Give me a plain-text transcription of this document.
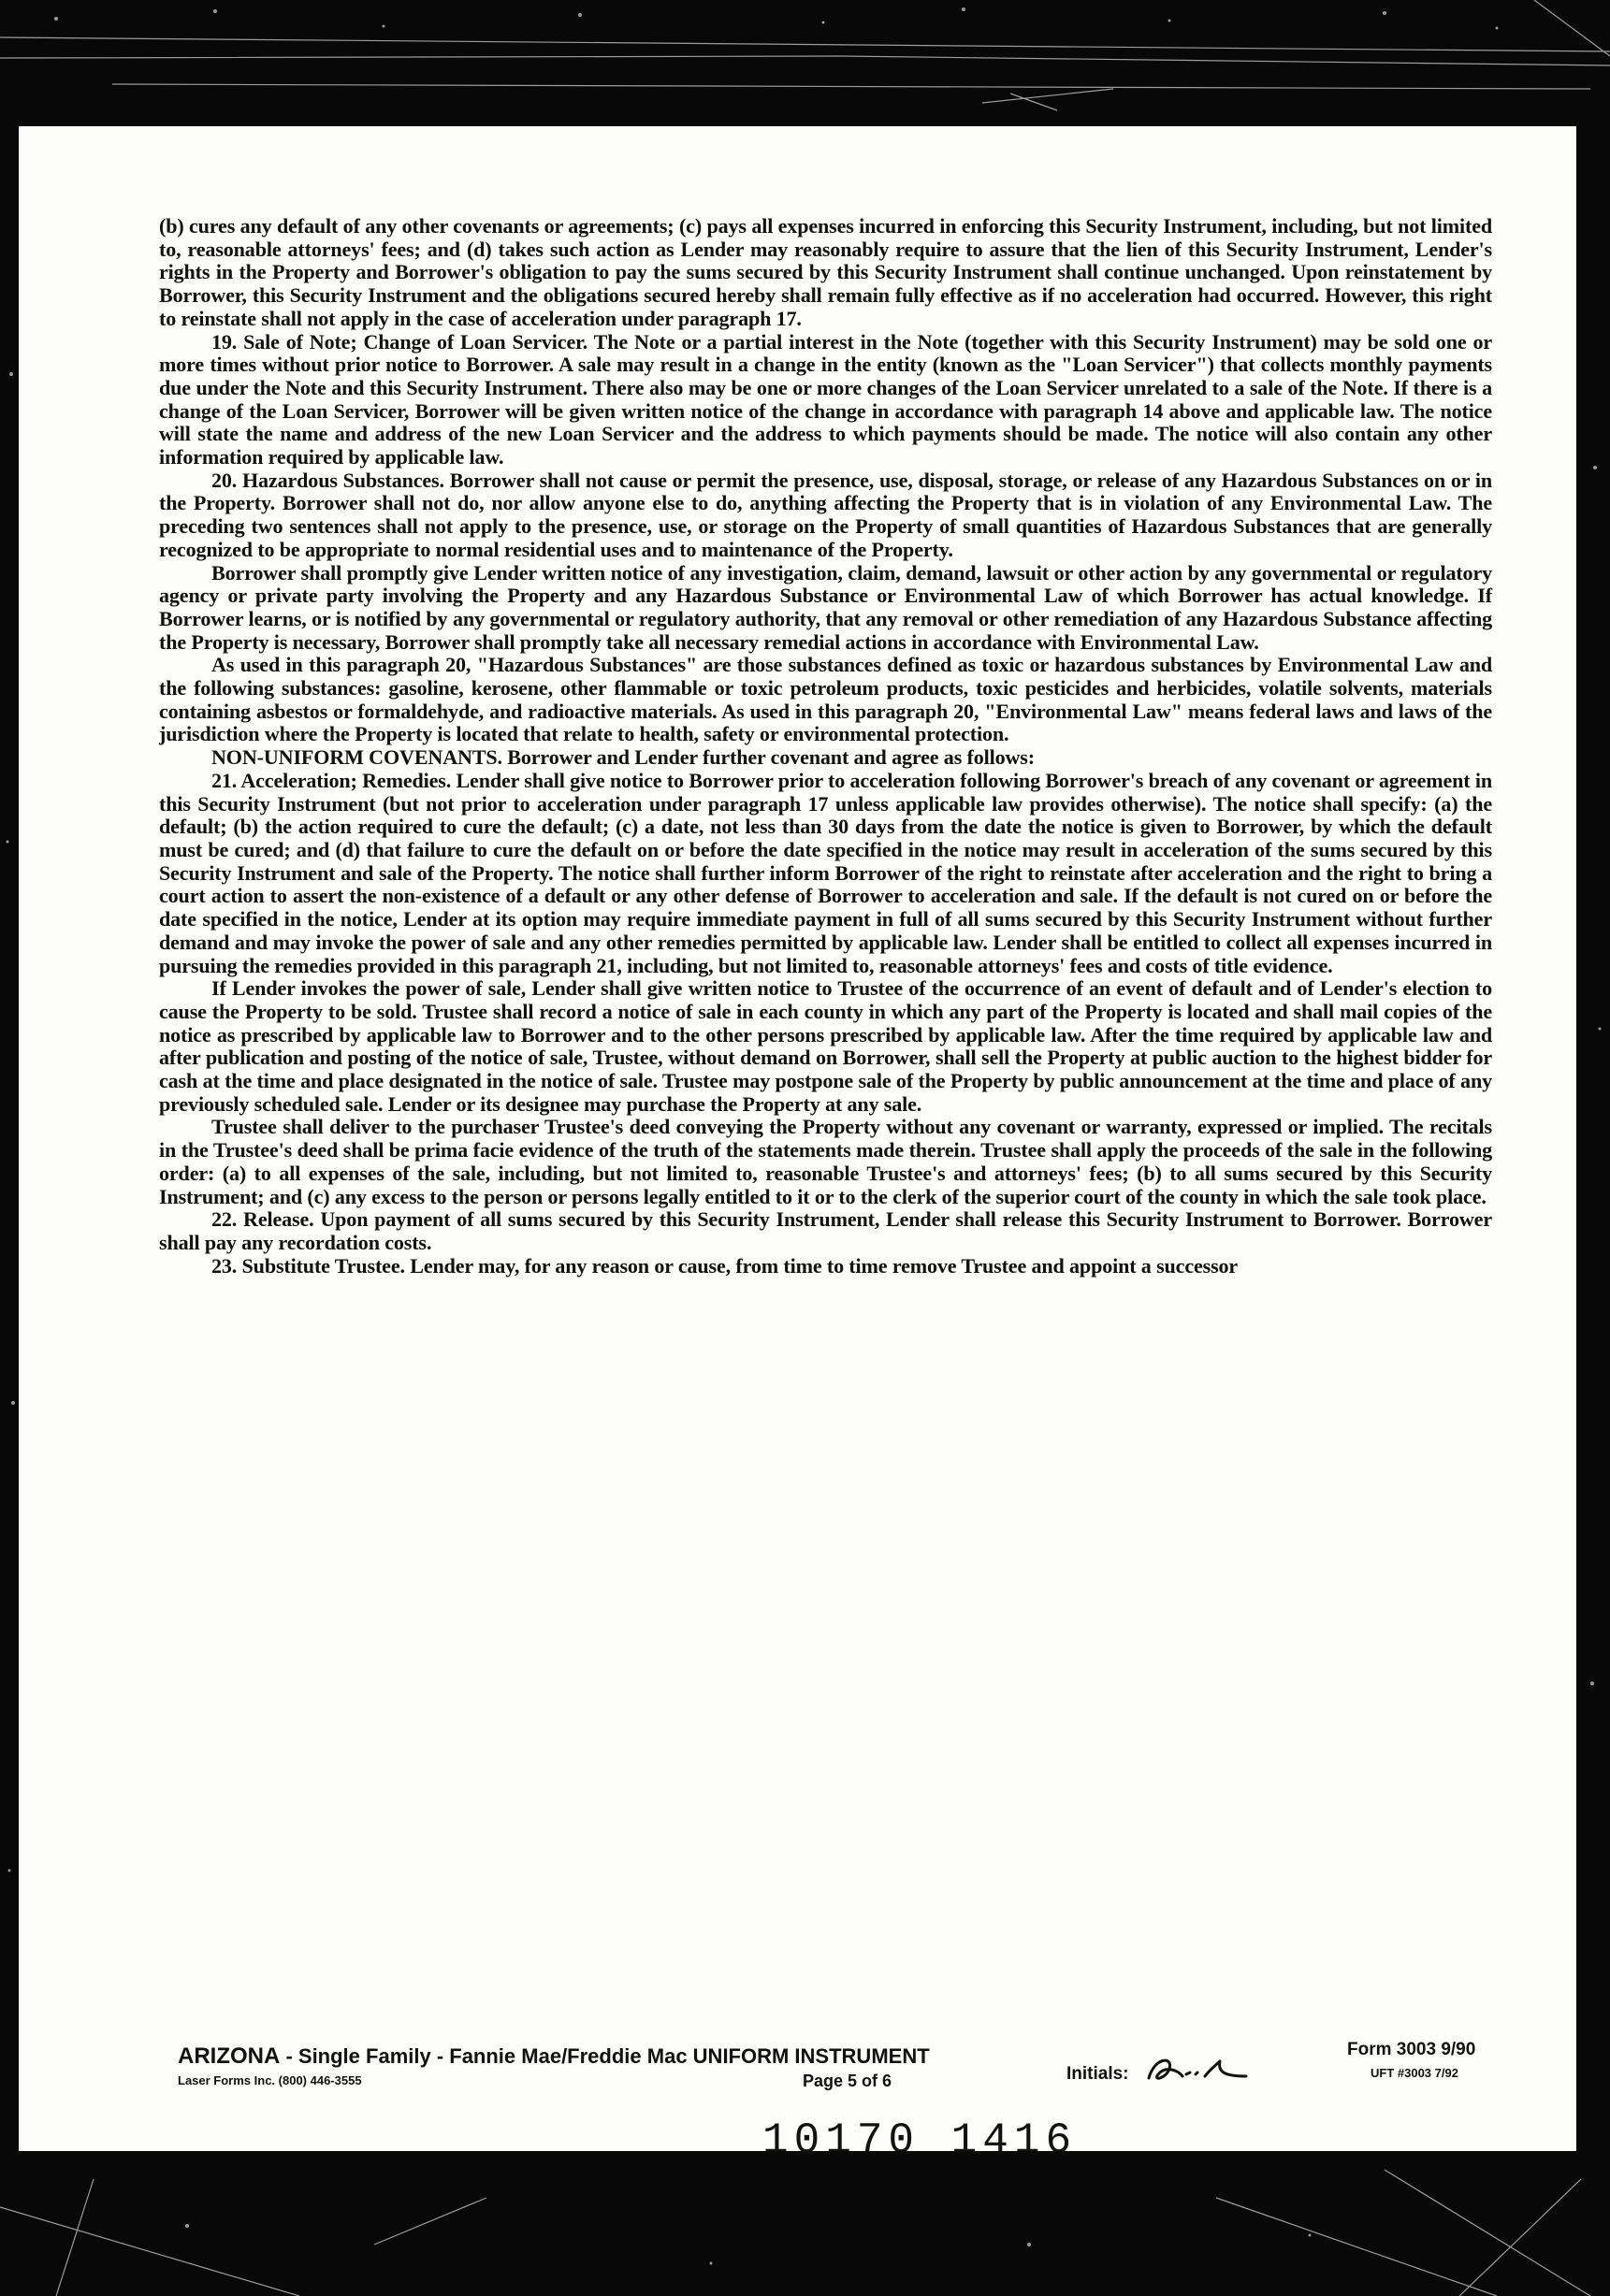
(b) cures any default of any other covenants or agreements; (c) pays all expenses incurred in enforcing this Security Instrument, including, but not limited to, reasonable attorneys' fees; and (d) takes such action as Lender may reasonably require to assure that the lien of this Security Instrument, Lender's rights in the Property and Borrower's obligation to pay the sums secured by this Security Instrument shall continue unchanged. Upon reinstatement by Borrower, this Security Instrument and the obligations secured hereby shall remain fully effective as if no acceleration had occurred. However, this right to reinstate shall not apply in the case of acceleration under paragraph 17.

19. Sale of Note; Change of Loan Servicer. The Note or a partial interest in the Note (together with this Security Instrument) may be sold one or more times without prior notice to Borrower. A sale may result in a change in the entity (known as the "Loan Servicer") that collects monthly payments due under the Note and this Security Instrument. There also may be one or more changes of the Loan Servicer unrelated to a sale of the Note. If there is a change of the Loan Servicer, Borrower will be given written notice of the change in accordance with paragraph 14 above and applicable law. The notice will state the name and address of the new Loan Servicer and the address to which payments should be made. The notice will also contain any other information required by applicable law.

20. Hazardous Substances. Borrower shall not cause or permit the presence, use, disposal, storage, or release of any Hazardous Substances on or in the Property. Borrower shall not do, nor allow anyone else to do, anything affecting the Property that is in violation of any Environmental Law. The preceding two sentences shall not apply to the presence, use, or storage on the Property of small quantities of Hazardous Substances that are generally recognized to be appropriate to normal residential uses and to maintenance of the Property.

Borrower shall promptly give Lender written notice of any investigation, claim, demand, lawsuit or other action by any governmental or regulatory agency or private party involving the Property and any Hazardous Substance or Environmental Law of which Borrower has actual knowledge. If Borrower learns, or is notified by any governmental or regulatory authority, that any removal or other remediation of any Hazardous Substance affecting the Property is necessary, Borrower shall promptly take all necessary remedial actions in accordance with Environmental Law.

As used in this paragraph 20, "Hazardous Substances" are those substances defined as toxic or hazardous substances by Environmental Law and the following substances: gasoline, kerosene, other flammable or toxic petroleum products, toxic pesticides and herbicides, volatile solvents, materials containing asbestos or formaldehyde, and radioactive materials. As used in this paragraph 20, "Environmental Law" means federal laws and laws of the jurisdiction where the Property is located that relate to health, safety or environmental protection.

NON-UNIFORM COVENANTS. Borrower and Lender further covenant and agree as follows:

21. Acceleration; Remedies. Lender shall give notice to Borrower prior to acceleration following Borrower's breach of any covenant or agreement in this Security Instrument (but not prior to acceleration under paragraph 17 unless applicable law provides otherwise). The notice shall specify: (a) the default; (b) the action required to cure the default; (c) a date, not less than 30 days from the date the notice is given to Borrower, by which the default must be cured; and (d) that failure to cure the default on or before the date specified in the notice may result in acceleration of the sums secured by this Security Instrument and sale of the Property. The notice shall further inform Borrower of the right to reinstate after acceleration and the right to bring a court action to assert the non-existence of a default or any other defense of Borrower to acceleration and sale. If the default is not cured on or before the date specified in the notice, Lender at its option may require immediate payment in full of all sums secured by this Security Instrument without further demand and may invoke the power of sale and any other remedies permitted by applicable law. Lender shall be entitled to collect all expenses incurred in pursuing the remedies provided in this paragraph 21, including, but not limited to, reasonable attorneys' fees and costs of title evidence.

If Lender invokes the power of sale, Lender shall give written notice to Trustee of the occurrence of an event of default and of Lender's election to cause the Property to be sold. Trustee shall record a notice of sale in each county in which any part of the Property is located and shall mail copies of the notice as prescribed by applicable law to Borrower and to the other persons prescribed by applicable law. After the time required by applicable law and after publication and posting of the notice of sale, Trustee, without demand on Borrower, shall sell the Property at public auction to the highest bidder for cash at the time and place designated in the notice of sale. Trustee may postpone sale of the Property by public announcement at the time and place of any previously scheduled sale. Lender or its designee may purchase the Property at any sale.

Trustee shall deliver to the purchaser Trustee's deed conveying the Property without any covenant or warranty, expressed or implied. The recitals in the Trustee's deed shall be prima facie evidence of the truth of the statements made therein. Trustee shall apply the proceeds of the sale in the following order: (a) to all expenses of the sale, including, but not limited to, reasonable Trustee's and attorneys' fees; (b) to all sums secured by this Security Instrument; and (c) any excess to the person or persons legally entitled to it or to the clerk of the superior court of the county in which the sale took place.

22. Release. Upon payment of all sums secured by this Security Instrument, Lender shall release this Security Instrument to Borrower. Borrower shall pay any recordation costs.

23. Substitute Trustee. Lender may, for any reason or cause, from time to time remove Trustee and appoint a successor

ARIZONA - Single Family - Fannie Mae/Freddie Mac UNIFORM INSTRUMENT
Laser Forms Inc. (800) 446-3555	Page 5 of 6	Initials:
Form 3003 9/90
UFT #3003 7/92
10170 1416
